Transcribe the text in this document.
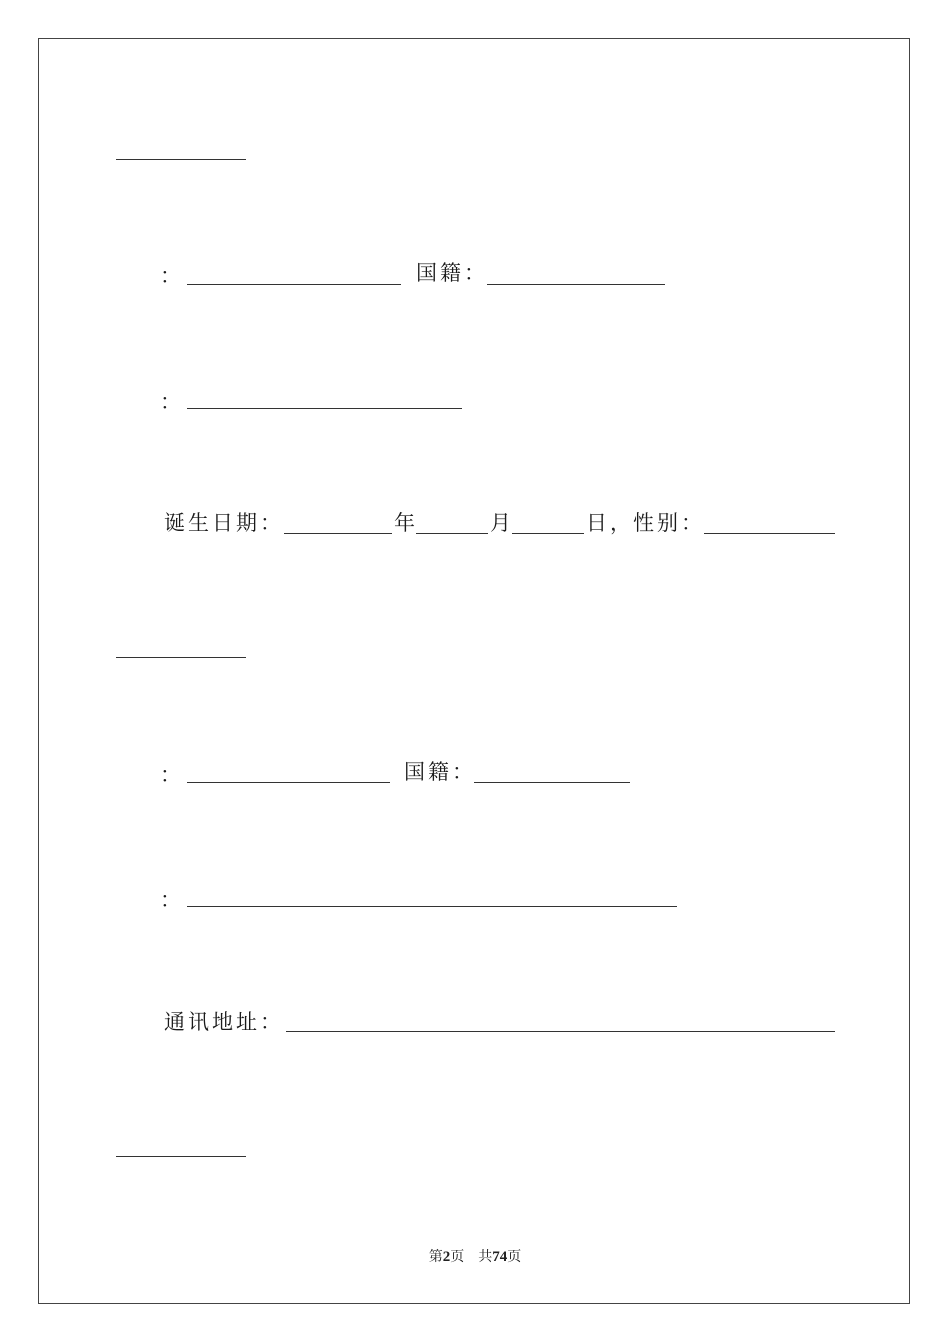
：	国籍：
：
诞生日期：	年	月	日， 性别：
：	国籍：
：
通讯地址：
第2页　共74页
